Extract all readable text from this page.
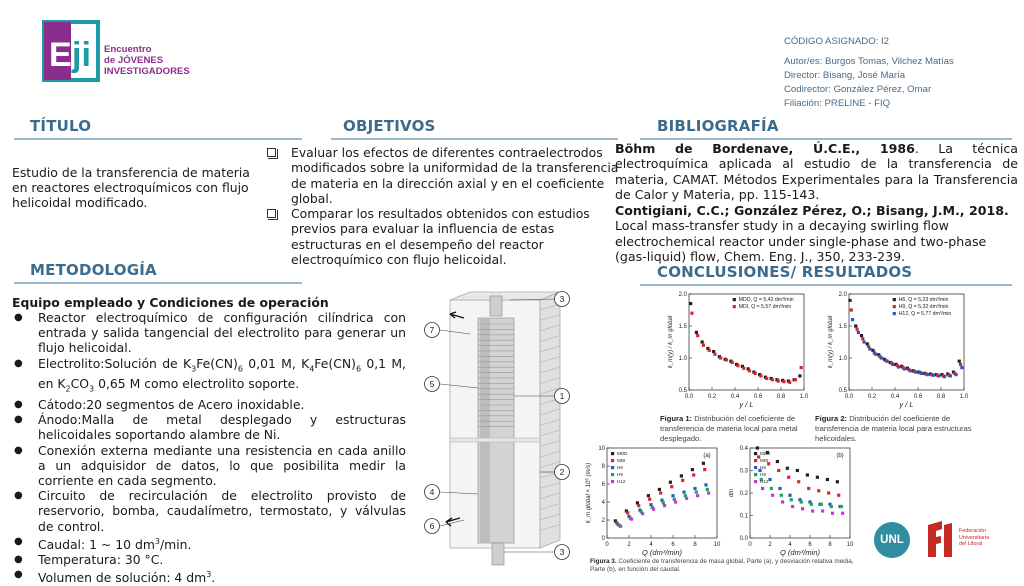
E ji Encuentro
de JÓVENES
INVESTIGADORES
CÓDIGO ASIGNADO: I2
Autor/es: Burgos Tomas, Vilchez Matías
Director: Bisang, José María
Codirector: González Pérez, Omar
Filiación: PRELINE - FIQ
TÍTULO	OBJETIVOS	BIBLIOGRAFÍA
METODOLOGÍA	CONCLUSIONES/ RESULTADOS
Estudio de la transferencia de materia en reactores electroquímicos con flujo helicoidal modificado.
Evaluar los efectos de diferentes contraelectrodos modificados sobre la uniformidad de la transferencia de materia en la dirección axial y en el coeficiente global.
Comparar los resultados obtenidos con estudios previos para evaluar la influencia de estas estructuras en el desempeño del reactor electroquímico con flujo helicoidal.
Böhm de Bordenave, Ú.C.E., 1986. La técnica electroquímica aplicada al estudio de la transferencia de materia, CAMAT. Métodos Experimentales para la Transferencia de Calor y Materia, pp. 115-143.
Contigiani, C.C.; González Pérez, O.; Bisang, J.M., 2018. Local mass-transfer study in a decaying swirling flow electrochemical reactor under single-phase and two-phase (gas-liquid) flow, Chem. Eng. J., 350, 233-239.
Equipo empleado y Condiciones de operación
● Reactor electroquímico de configuración cilíndrica con entrada y salida tangencial del electrolito para generar un flujo helicoidal.
● Electrolito:Solución de $K_3Fe(CN)_6$ 0,01 M, $K_4Fe(CN)_6$ 0,1 M, en $K_2CO_3$ 0,65 M como electrolito soporte.
● Cátodo:20 segmentos de Acero inoxidable.
● Ánodo:Malla de metal desplegado y estructuras helicoidales soportando alambre de Ni.
● Conexión externa mediante una resistencia en cada anillo a un adquisidor de datos, lo que posibilita medir la corriente en cada segmento.
● Circuito de recirculación de electrolito provisto de reservorio, bomba, caudalímetro, termostato, y válvulas de control.
● Caudal: 1 ~ 10 $dm^3/\min$.
● Temperatura: 30 °C.
● Volumen de solución: 4 $dm^3$.
3
7
5
1
2
4
6
3
0.0 0.2 0.4 0.6 0.8 1.0
0.5
1.0
1.5
2.0
y / L
k_m(y) / k_m global
MDD, Q = 5,42 dm³/min
MDI, Q = 5,57 dm³/min
Figura 1: Distribución del coeficiente de transferencia de materia local para metal desplegado.
0.0 0.2 0.4 0.6 0.8 1.0
0.5
1.0
1.5
2.0
y / L
k_m(y) / k_m global
H6, Q = 5,23 dm³/min
H9, Q = 5,32 dm³/min
H12, Q = 5,77 dm³/min
Figura 2: Distribución del coeficiente de transferencia de materia local para estructuras helicoidales.
0	2	4	6	8	10
0
2
4
6
8
10
Q (dm³/min)
k_m global × 10⁵ (m/s)
(a)
MDD
MDI
H6
H9
H12
0	2	4	6	8 10
0.0
0.1
0.2
0.3
0.4
Q (dm³/min)
dm
(b)
MDD
MDI
H6
H9
H12
Figura 3. Coeficiente de transferencia de masa global, Parte (a), y desviación relativa media, Parte (b), en función del caudal.
UNL
Federación
Universitaria
del Litoral
